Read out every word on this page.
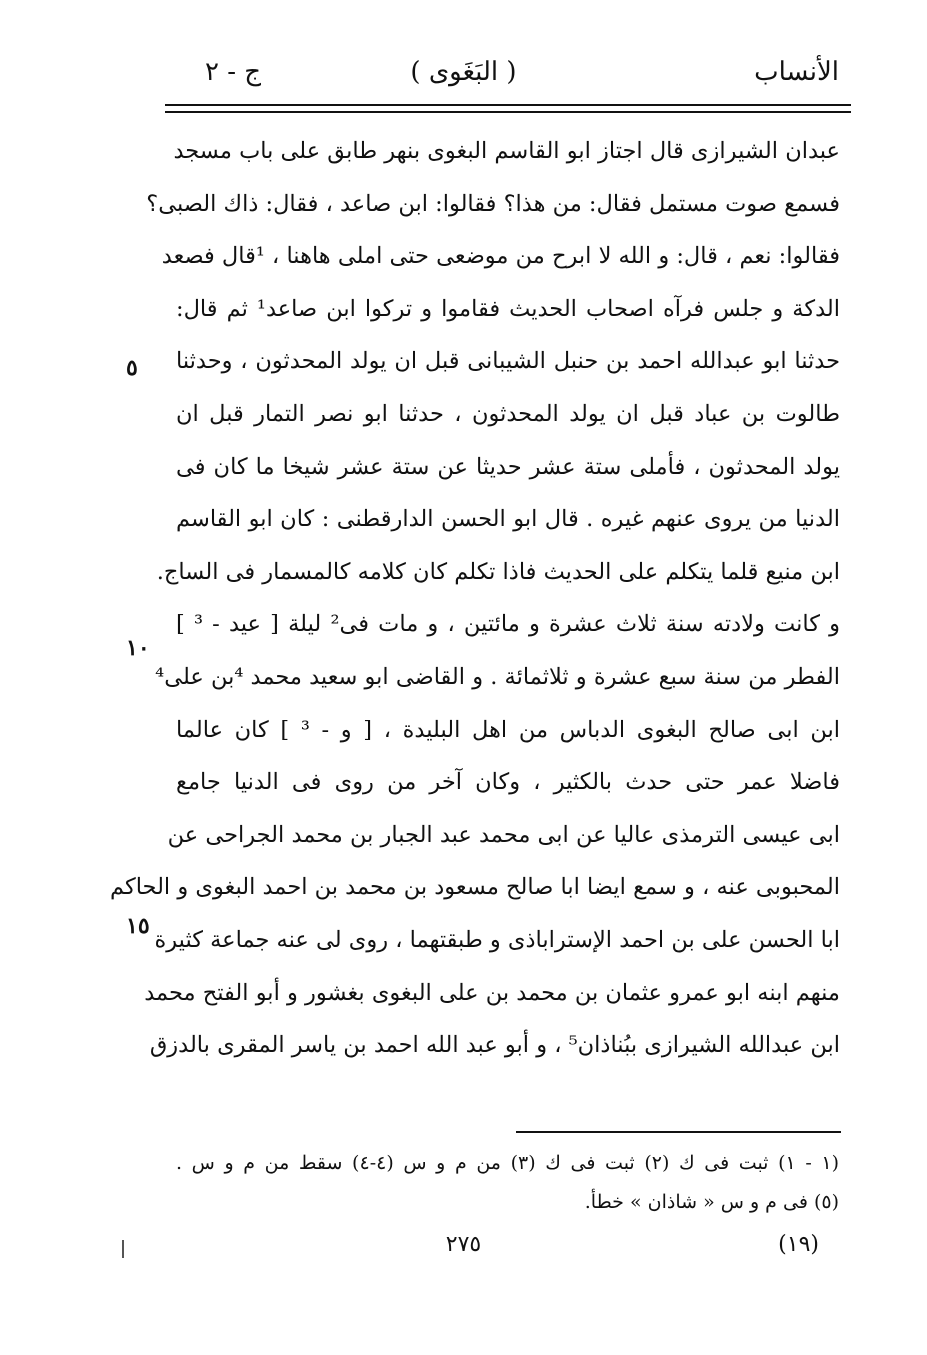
الأنساب
( البَغَوى )
ج - ٢
عبدان الشيرازى قال اجتاز ابو القاسم البغوى بنهر طابق على باب مسجد
فسمع صوت مستمل فقال: من هذا؟ فقالوا: ابن صاعد ، فقال: ذاك الصبى؟
فقالوا: نعم ، قال: و الله لا ابرح من موضعى حتى املى هاهنا ، ¹قال فصعد
الدكة و جلس فرآه اصحاب الحديث فقاموا و تركوا ابن صاعد¹ ثم قال:
حدثنا ابو عبدالله احمد بن حنبل الشيبانى قبل ان يولد المحدثون ، وحدثنا
طالوت بن عباد قبل ان يولد المحدثون ، حدثنا ابو نصر التمار قبل ان
يولد المحدثون ، فأملى ستة عشر حديثا عن ستة عشر شيخا ما كان فى
الدنيا من يروى عنهم غيره . قال ابو الحسن الدارقطنى : كان ابو القاسم
ابن منيع قلما يتكلم على الحديث فاذا تكلم كان كلامه كالمسمار فى الساج.
و كانت ولادته سنة ثلاث عشرة و مائتين ، و مات فى² ليلة [ عيد - ³ ]
الفطر من سنة سبع عشرة و ثلاثمائة . و القاضى ابو سعيد محمد ⁴بن على⁴
ابن ابى صالح البغوى الدباس من اهل البليدة ، [ و - ³ ] كان عالما
فاضلا عمر حتى حدث بالكثير ، وكان آخر من روى فى الدنيا جامع
ابى عيسى الترمذى عاليا عن ابى محمد عبد الجبار بن محمد الجراحى عن
المحبوبى عنه ، و سمع ايضا ابا صالح مسعود بن محمد بن احمد البغوى و الحاكم
ابا الحسن على بن احمد الإستراباذى و طبقتهما ، روى لى عنه جماعة كثيرة
منهم ابنه ابو عمرو عثمان بن محمد بن على البغوى بغشور و أبو الفتح محمد
ابن عبدالله الشيرازى ببُناذان⁵ ، و أبو عبد الله احمد بن ياسر المقرى بالدزق
٥
١٠
١٥
(١ - ١) ثبت فى ك (٢) ثبت فى ك (٣) من م و س (٤-٤) سقط من م و س .
(٥) فى م و س « شاذان » خطأ.
٢٧٥	(١٩)
